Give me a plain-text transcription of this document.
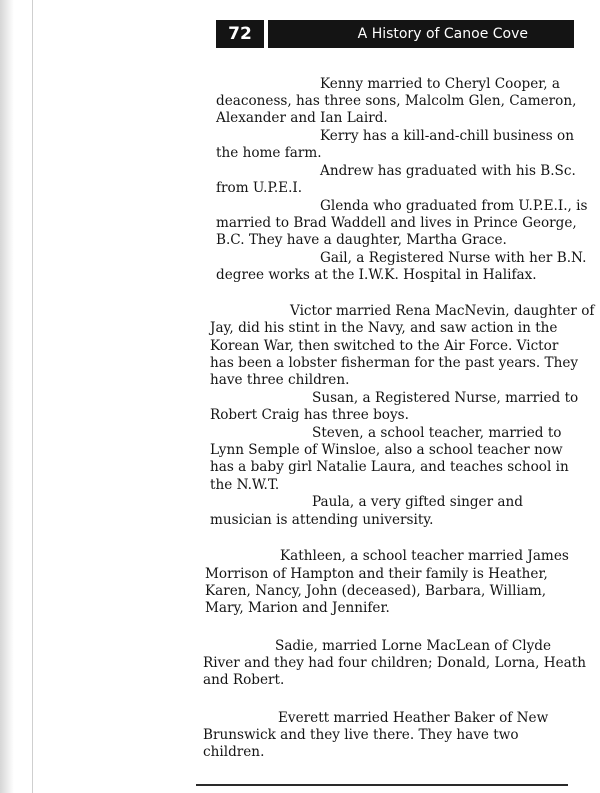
72	A History of Canoe Cove
Kenny married to Cheryl Cooper, a
deaconess, has three sons, Malcolm Glen, Cameron,
Alexander and Ian Laird.
Kerry has a kill-and-chill business on
the home farm.
Andrew has graduated with his B.Sc.
from U.P.E.I.
Glenda who graduated from U.P.E.I., is
married to Brad Waddell and lives in Prince George,
B.C. They have a daughter, Martha Grace.
Gail, a Registered Nurse with her B.N.
degree works at the I.W.K. Hospital in Halifax.
Victor married Rena MacNevin, daughter of
Jay, did his stint in the Navy, and saw action in the
Korean War, then switched to the Air Force. Victor
has been a lobster fisherman for the past years. They
have three children.
Susan, a Registered Nurse, married to
Robert Craig has three boys.
Steven, a school teacher, married to
Lynn Semple of Winsloe, also a school teacher now
has a baby girl Natalie Laura, and teaches school in
the N.W.T.
Paula, a very gifted singer and
musician is attending university.
Kathleen, a school teacher married James
Morrison of Hampton and their family is Heather,
Karen, Nancy, John (deceased), Barbara, William,
Mary, Marion and Jennifer.
Sadie, married Lorne MacLean of Clyde
River and they had four children; Donald, Lorna, Heath
and Robert.
Everett married Heather Baker of New
Brunswick and they live there. They have two
children.
